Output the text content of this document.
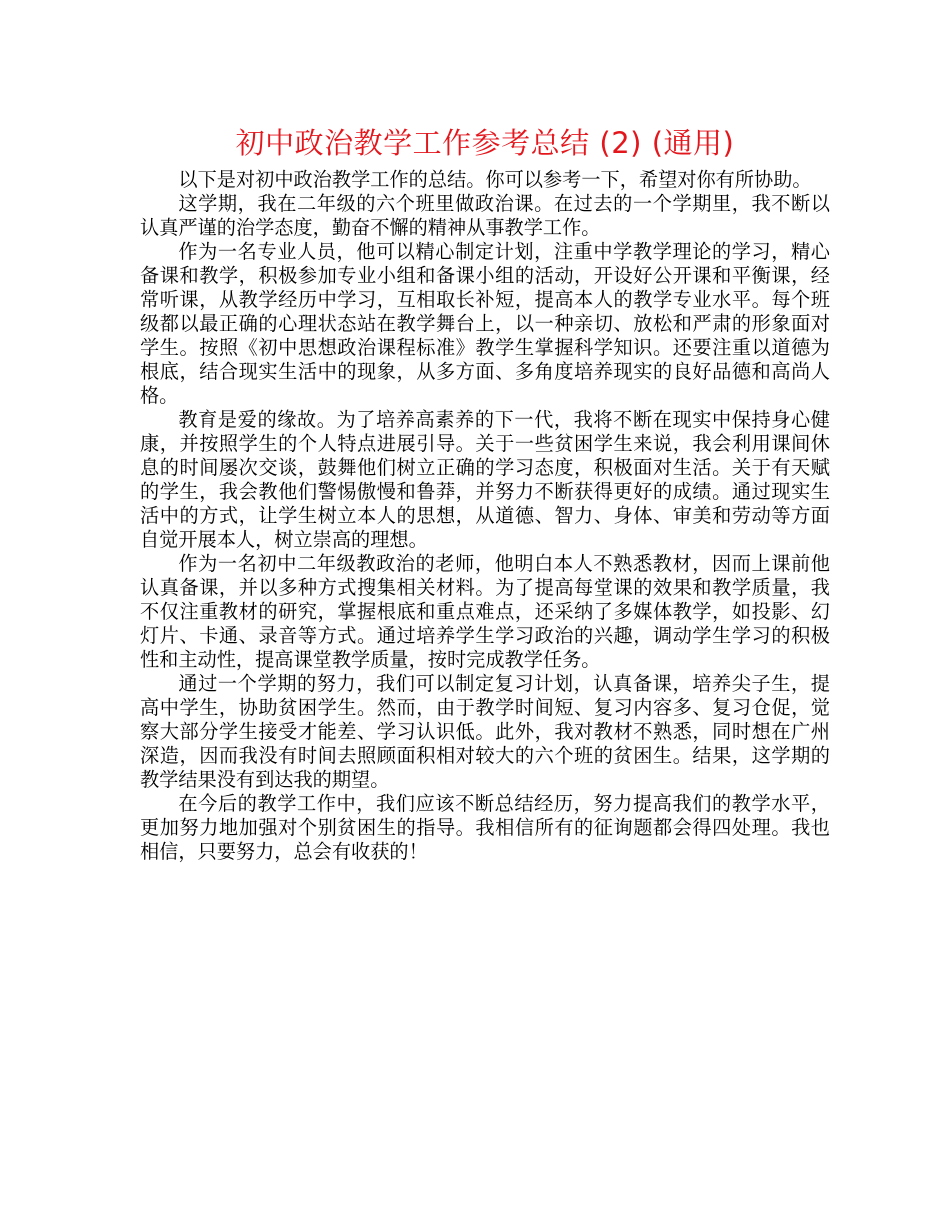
初中政治教学工作参考总结 (2) (通用)

以下是对初中政治教学工作的总结。你可以参考一下，希望对你有所协助。

这学期，我在二年级的六个班里做政治课。在过去的一个学期里，我不断以认真严谨的治学态度，勤奋不懈的精神从事教学工作。

作为一名专业人员，他可以精心制定计划，注重中学教学理论的学习，精心备课和教学，积极参加专业小组和备课小组的活动，开设好公开课和平衡课，经常听课，从教学经历中学习，互相取长补短，提高本人的教学专业水平。每个班级都以最正确的心理状态站在教学舞台上，以一种亲切、放松和严肃的形象面对学生。按照《初中思想政治课程标准》教学生掌握科学知识。还要注重以道德为根底，结合现实生活中的现象，从多方面、多角度培养现实的良好品德和高尚人格。

教育是爱的缘故。为了培养高素养的下一代，我将不断在现实中保持身心健康，并按照学生的个人特点进展引导。关于一些贫困学生来说，我会利用课间休息的时间屡次交谈，鼓舞他们树立正确的学习态度，积极面对生活。关于有天赋的学生，我会教他们警惕傲慢和鲁莽，并努力不断获得更好的成绩。通过现实生活中的方式，让学生树立本人的思想，从道德、智力、身体、审美和劳动等方面自觉开展本人，树立崇高的理想。

作为一名初中二年级教政治的老师，他明白本人不熟悉教材，因而上课前他认真备课，并以多种方式搜集相关材料。为了提高每堂课的效果和教学质量，我不仅注重教材的研究，掌握根底和重点难点，还采纳了多媒体教学，如投影、幻灯片、卡通、录音等方式。通过培养学生学习政治的兴趣，调动学生学习的积极性和主动性，提高课堂教学质量，按时完成教学任务。

通过一个学期的努力，我们可以制定复习计划，认真备课，培养尖子生，提高中学生，协助贫困学生。然而，由于教学时间短、复习内容多、复习仓促，觉察大部分学生接受才能差、学习认识低。此外，我对教材不熟悉，同时想在广州深造，因而我没有时间去照顾面积相对较大的六个班的贫困生。结果，这学期的教学结果没有到达我的期望。

在今后的教学工作中，我们应该不断总结经历，努力提高我们的教学水平，更加努力地加强对个别贫困生的指导。我相信所有的征询题都会得四处理。我也相信，只要努力，总会有收获的！
